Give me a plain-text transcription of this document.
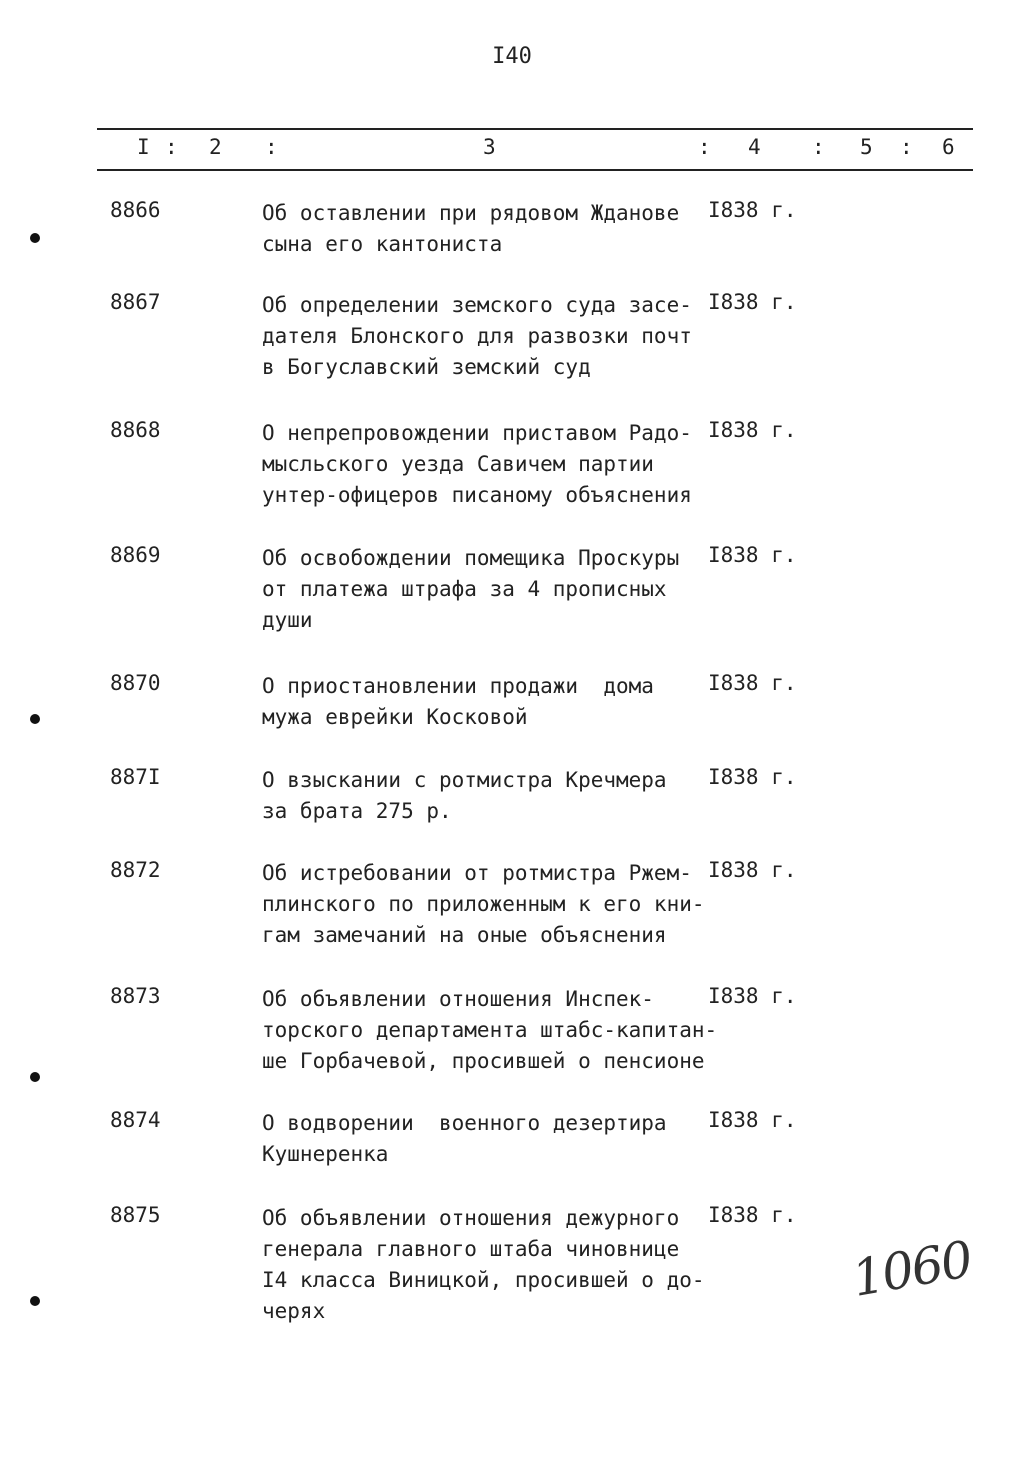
I40
I : 2 :	3	: 4 : 5 : 6
8866	Об оставлении при рядовом Жданове
сына его кантониста
I838 г.
8867	Об определении земского суда засе-
дателя Блонского для развозки почт
в Богуславский земский суд
I838 г.
8868	О непрепровождении приставом Радо-
мысльского уезда Савичем партии
унтер-офицеров писаному объяснения
I838 г.
8869	Об освобождении помещика Проскуры
от платежа штрафа за 4 прописных
души
I838 г.
8870	О приостановлении продажи  дома
мужа еврейки Косковой
I838 г.
887I	О взыскании с ротмистра Кречмера
за брата 275 р.
I838 г.
8872	Об истребовании от ротмистра Ржем-
плинского по приложенным к его кни-
гам замечаний на оные объяснения
I838 г.
8873	Об объявлении отношения Инспек-
торского департамента штабс-капитан-
ше Горбачевой, просившей о пенсионе
I838 г.
8874	О водворении  военного дезертира
Кушнеренка
I838 г.
8875	Об объявлении отношения дежурного
генерала главного штаба чиновнице
I4 класса Виницкой, просившей о до-
черях
I838 г.
1060
